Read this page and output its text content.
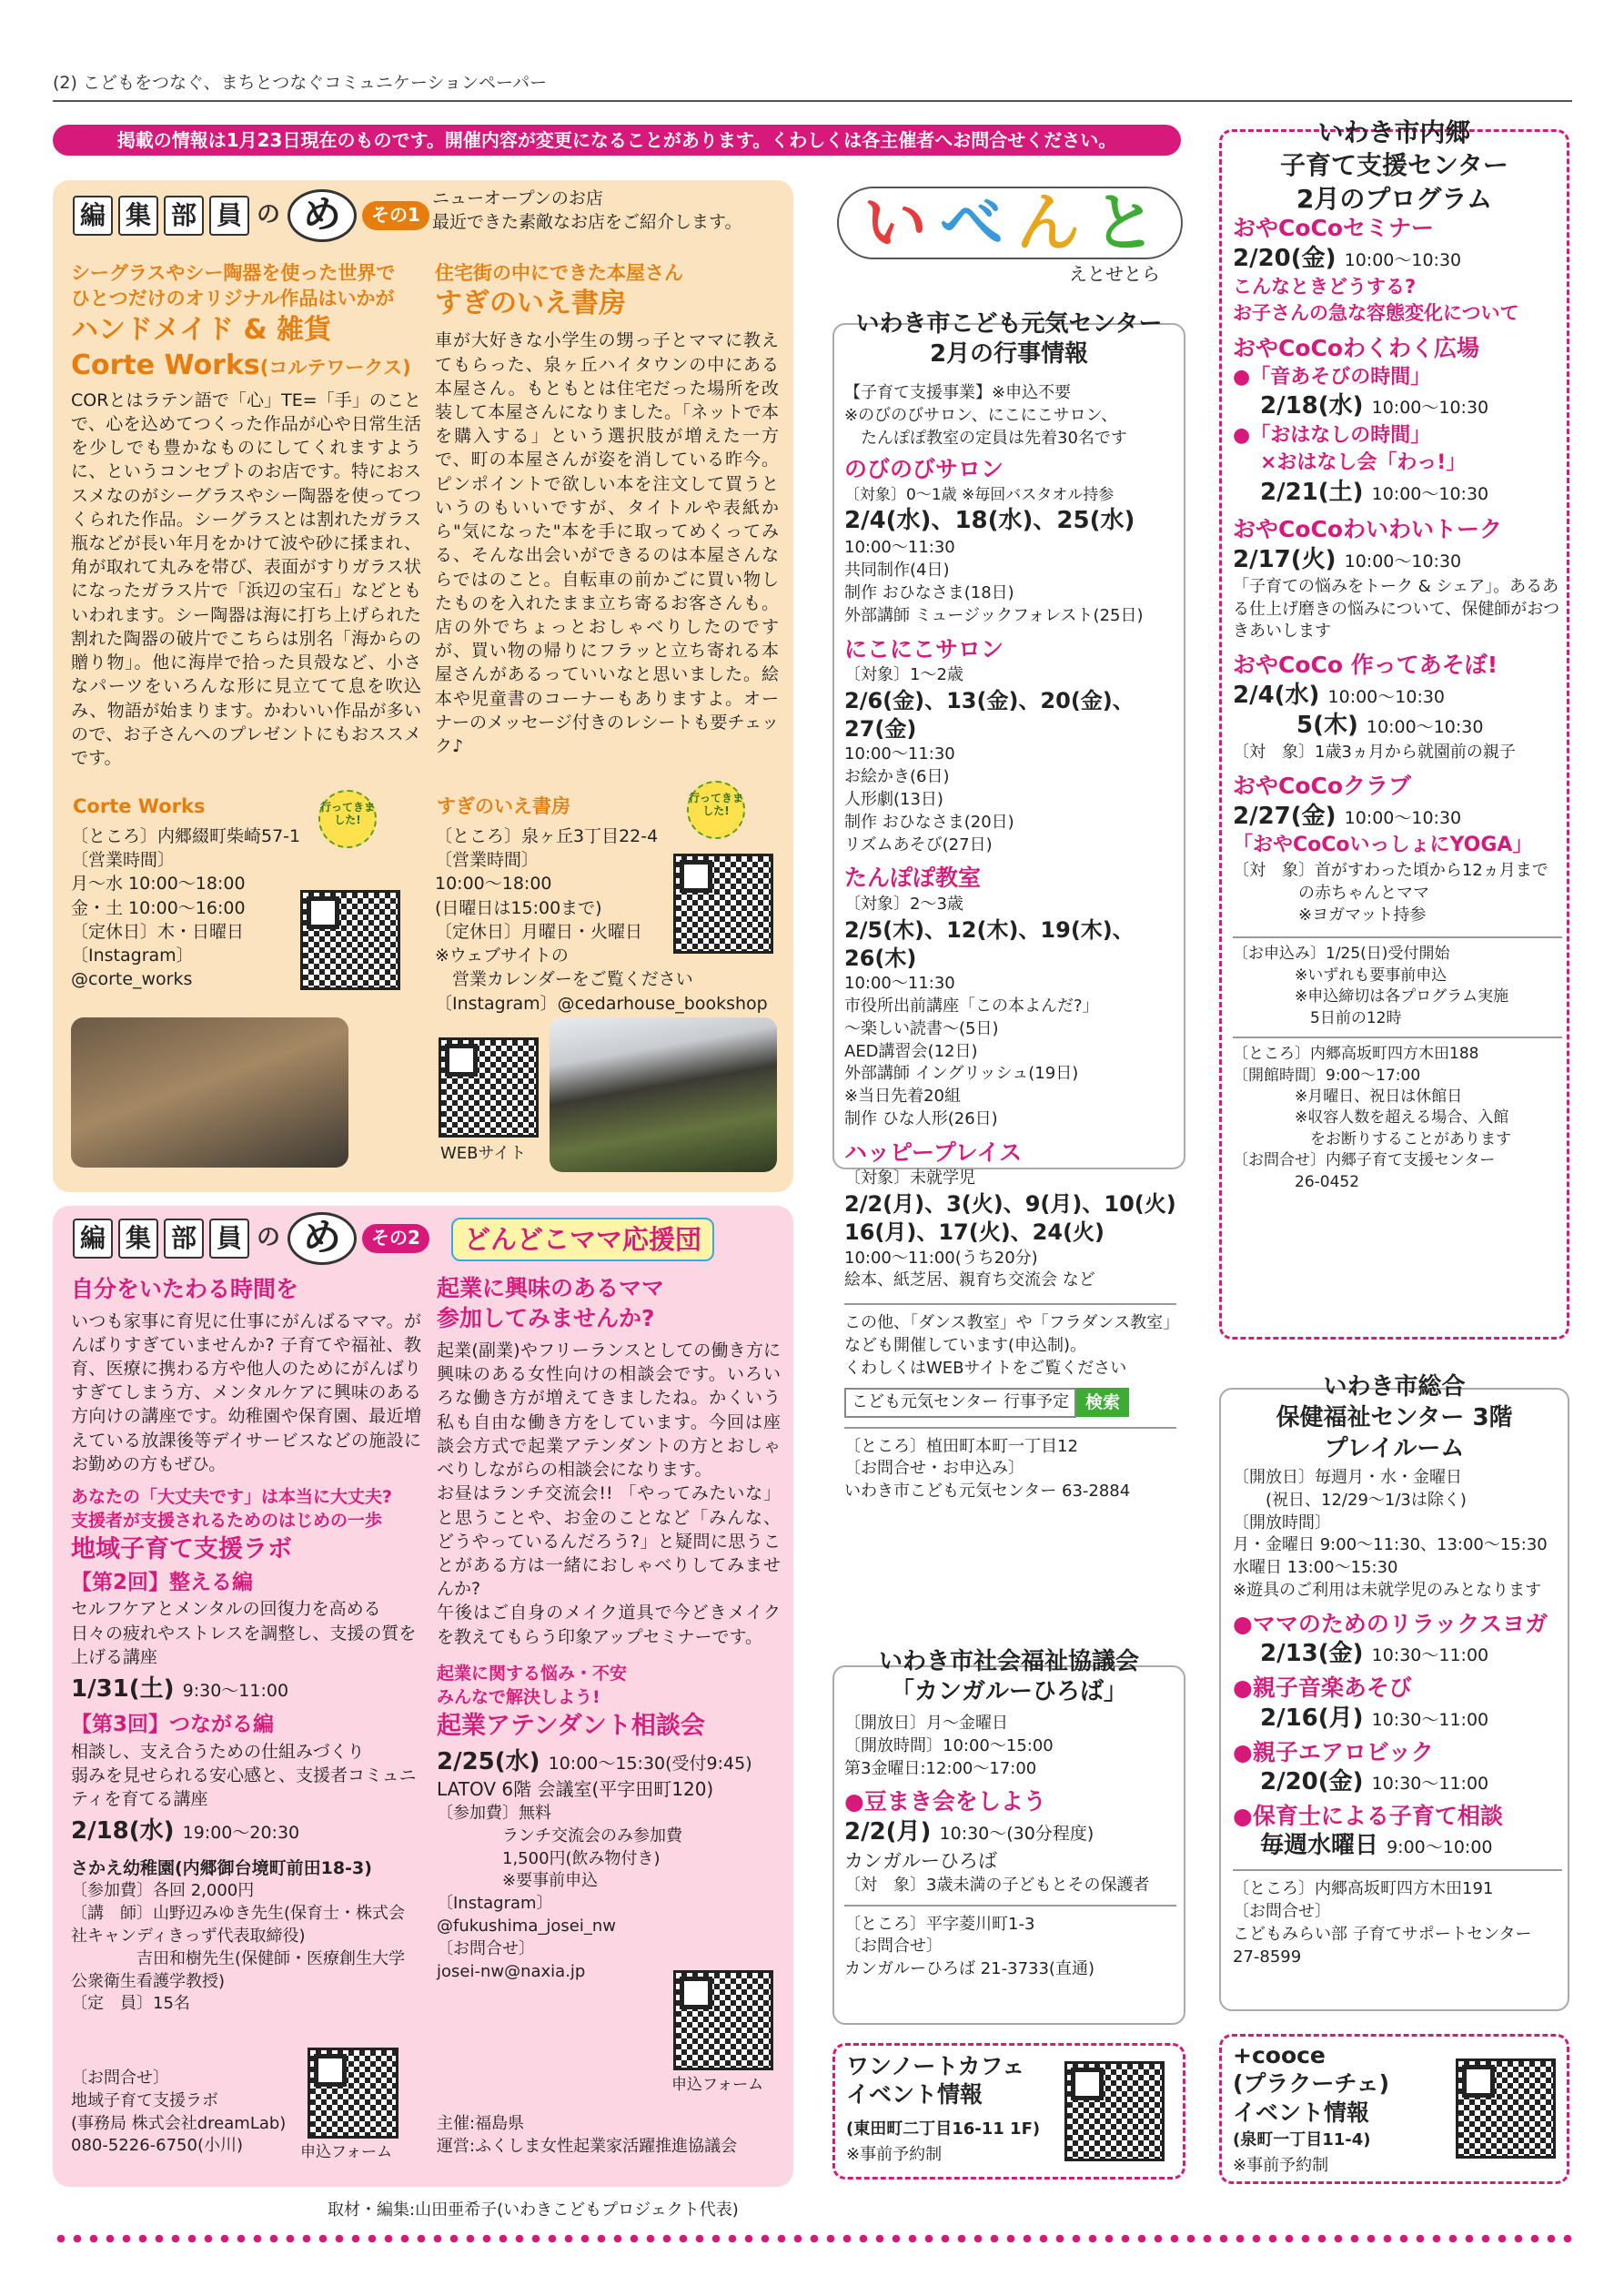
(2) こどもをつなぐ、まちとつなぐコミュニケーションペーパー
掲載の情報は1月23日現在のものです。開催内容が変更になることがあります。くわしくは各主催者へお問合せください。
編 集 部 員 の め	その1
ニューオープンのお店
最近できた素敵なお店をご紹介します。
シーグラスやシー陶器を使った世界で
ひとつだけのオリジナル作品はいかが
ハンドメイド & 雑貨
Corte Works(コルテワークス)

CORとはラテン語で「心」TE=「手」のことで、心を込めてつくった作品が心や日常生活を少しでも豊かなものにしてくれますように、というコンセプトのお店です。特におススメなのがシーグラスやシー陶器を使ってつくられた作品。シーグラスとは割れたガラス瓶などが長い年月をかけて波や砂に揉まれ、角が取れて丸みを帯び、表面がすりガラス状になったガラス片で「浜辺の宝石」などともいわれます。シー陶器は海に打ち上げられた割れた陶器の破片でこちらは別名「海からの贈り物」。他に海岸で拾った貝殻など、小さなパーツをいろんな形に見立てて息を吹込み、物語が始まります。かわいい作品が多いので、お子さんへのプレゼントにもおススメです。

Corte Works	行ってきました!
〔ところ〕内郷綴町柴崎57-1
〔営業時間〕
月〜水 10:00〜18:00
金・土 10:00〜16:00
〔定休日〕木・日曜日
〔Instagram〕
@corte_works
住宅街の中にできた本屋さん
すぎのいえ書房

車が大好きな小学生の甥っ子とママに教えてもらった、泉ヶ丘ハイタウンの中にある本屋さん。もともとは住宅だった場所を改装して本屋さんになりました。「ネットで本を購入する」という選択肢が増えた一方で、町の本屋さんが姿を消している昨今。ピンポイントで欲しい本を注文して買うというのもいいですが、タイトルや表紙から"気になった"本を手に取ってめくってみる、そんな出会いができるのは本屋さんならではのこと。自転車の前かごに買い物したものを入れたまま立ち寄るお客さんも。店の外でちょっとおしゃべりしたのですが、買い物の帰りにフラッと立ち寄れる本屋さんがあるっていいなと思いました。絵本や児童書のコーナーもありますよ。オーナーのメッセージ付きのレシートも要チェック♪

すぎのいえ書房	行ってきました!
〔ところ〕泉ヶ丘3丁目22-4
〔営業時間〕
10:00〜18:00
(日曜日は15:00まで)
〔定休日〕月曜日・火曜日
※ウェブサイトの
　営業カレンダーをご覧ください
〔Instagram〕@cedarhouse_bookshop
WEBサイト
編 集 部 員 の め	その2	どんどこママ応援団
自分をいたわる時間を

いつも家事に育児に仕事にがんばるママ。がんばりすぎていませんか? 子育てや福祉、教育、医療に携わる方や他人のためにがんばりすぎてしまう方、メンタルケアに興味のある方向けの講座です。幼稚園や保育園、最近増えている放課後等デイサービスなどの施設にお勤めの方もぜひ。

あなたの「大丈夫です」は本当に大丈夫?
支援者が支援されるためのはじめの一歩

地域子育て支援ラボ
【第2回】整える編

セルフケアとメンタルの回復力を高める
日々の疲れやストレスを調整し、支援の質を上げる講座

1/31(土) 9:30〜11:00

【第3回】つながる編

相談し、支え合うための仕組みづくり
弱みを見せられる安心感と、支援者コミュニティを育てる講座

2/18(水) 19:00〜20:30

さかえ幼稚園(内郷御台境町前田18-3)

〔参加費〕各回 2,000円
〔講　師〕山野辺みゆき先生(保育士・株式会社キャンディきっず代表取締役)
　　　　吉田和樹先生(保健師・医療創生大学公衆衛生看護学教授)
〔定　員〕15名

〔お問合せ〕
地域子育て支援ラボ
(事務局 株式会社dreamLab)
080-5226-6750(小川)	申込フォーム
起業に興味のあるママ
参加してみませんか?

起業(副業)やフリーランスとしての働き方に興味のある女性向けの相談会です。いろいろな働き方が増えてきましたね。かくいう私も自由な働き方をしています。今回は座談会方式で起業アテンダントの方とおしゃべりしながらの相談会になります。
お昼はランチ交流会!! 「やってみたいな」と思うことや、お金のことなど「みんな、どうやっているんだろう?」と疑問に思うことがある方は一緒におしゃべりしてみませんか?
午後はご自身のメイク道具で今どきメイクを教えてもらう印象アップセミナーです。

起業に関する悩み・不安
みんなで解決しよう!

起業アテンダント相談会

2/25(水) 10:00〜15:30(受付9:45)

LATOV 6階 会議室(平字田町120)

〔参加費〕無料
　　　　ランチ交流会のみ参加費
　　　　1,500円(飲み物付き)
　　　　※要事前申込
〔Instagram〕
@fukushima_josei_nw
〔お問合せ〕
josei-nw@naxia.jp

申込フォーム
主催:福島県
運営:ふくしま女性起業家活躍推進協議会
取材・編集:山田亜希子(いわきこどもプロジェクト代表)
い べ ん と
えとせとら
いわき市こども元気センター
2月の行事情報

【子育て支援事業】※申込不要
※のびのびサロン、にこにこサロン、
　たんぽぽ教室の定員は先着30名です

のびのびサロン

〔対象〕0〜1歳 ※毎回バスタオル持参

2/4(水)、18(水)、25(水)

10:00〜11:30
共同制作(4日)
制作 おひなさま(18日)
外部講師 ミュージックフォレスト(25日)

にこにこサロン

〔対象〕1〜2歳

2/6(金)、13(金)、20(金)、27(金)

10:00〜11:30
お絵かき(6日)
人形劇(13日)
制作 おひなさま(20日)
リズムあそび(27日)

たんぽぽ教室

〔対象〕2〜3歳

2/5(木)、12(木)、19(木)、26(木)

10:00〜11:30
市役所出前講座「この本よんだ?」
〜楽しい読書〜(5日)
AED講習会(12日)
外部講師 イングリッシュ(19日)
※当日先着20組
制作 ひな人形(26日)

ハッピープレイス

〔対象〕未就学児

2/2(月)、3(火)、9(月)、10(火)
16(月)、17(火)、24(火)

10:00〜11:00(うち20分)
絵本、紙芝居、親育ち交流会 など

この他、「ダンス教室」や「フラダンス教室」なども開催しています(申込制)。
くわしくはWEBサイトをご覧ください

こども元気センター 行事予定 検索

〔ところ〕植田町本町一丁目12
〔お問合せ・お申込み〕
いわき市こども元気センター 63-2884

いわき市社会福祉協議会
「カンガルーひろば」

〔開放日〕月〜金曜日
〔開放時間〕10:00〜15:00
第3金曜日:12:00〜17:00

●豆まき会をしよう

2/2(月) 10:30〜(30分程度)

カンガルーひろば

〔対　象〕3歳未満の子どもとその保護者

〔ところ〕平字菱川町1-3
〔お問合せ〕
カンガルーひろば 21-3733(直通)

ワンノートカフェ
イベント情報
(東田町二丁目16-11 1F)
※事前予約制
いわき市内郷
子育て支援センター
2月のプログラム

おやCoCoセミナー

2/20(金) 10:00〜10:30

こんなときどうする?
お子さんの急な容態変化について

おやCoCoわくわく広場

●「音あそびの時間」

2/18(水) 10:00〜10:30

●「おはなしの時間」

×おはなし会「わっ!」

2/21(土) 10:00〜10:30

おやCoCoわいわいトーク

2/17(火) 10:00〜10:30

「子育ての悩みをトーク & シェア」。あるある仕上げ磨きの悩みについて、保健師がおつきあいします

おやCoCo 作ってあそぼ!

2/4(水) 10:00〜10:30

5(木) 10:00〜10:30

〔対　象〕1歳3ヵ月から就園前の親子

おやCoCoクラブ

2/27(金) 10:00〜10:30

「おやCoCoいっしょにYOGA」

〔対　象〕首がすわった頃から12ヵ月まで
　　　　の赤ちゃんとママ
　　　　※ヨガマット持参

〔お申込み〕1/25(日)受付開始
　　　　※いずれも要事前申込
　　　　※申込締切は各プログラム実施
　　　　　5日前の12時

〔ところ〕内郷高坂町四方木田188
〔開館時間〕9:00〜17:00
　　　　※月曜日、祝日は休館日
　　　　※収容人数を超える場合、入館
　　　　　をお断りすることがあります
〔お問合せ〕内郷子育て支援センター
　　　　26-0452

いわき市総合
保健福祉センター 3階
プレイルーム

〔開放日〕毎週月・水・金曜日
　　(祝日、12/29〜1/3は除く)
〔開放時間〕
月・金曜日 9:00〜11:30、13:00〜15:30
水曜日 13:00〜15:30
※遊具のご利用は未就学児のみとなります

●ママのためのリラックスヨガ

2/13(金) 10:30〜11:00

●親子音楽あそび

2/16(月) 10:30〜11:00

●親子エアロビック

2/20(金) 10:30〜11:00

●保育士による子育て相談

毎週水曜日 9:00〜10:00

〔ところ〕内郷高坂町四方木田191
〔お問合せ〕
こどもみらい部 子育てサポートセンター
27-8599

+cooce
(プラクーチェ)
イベント情報
(泉町一丁目11-4)
※事前予約制
